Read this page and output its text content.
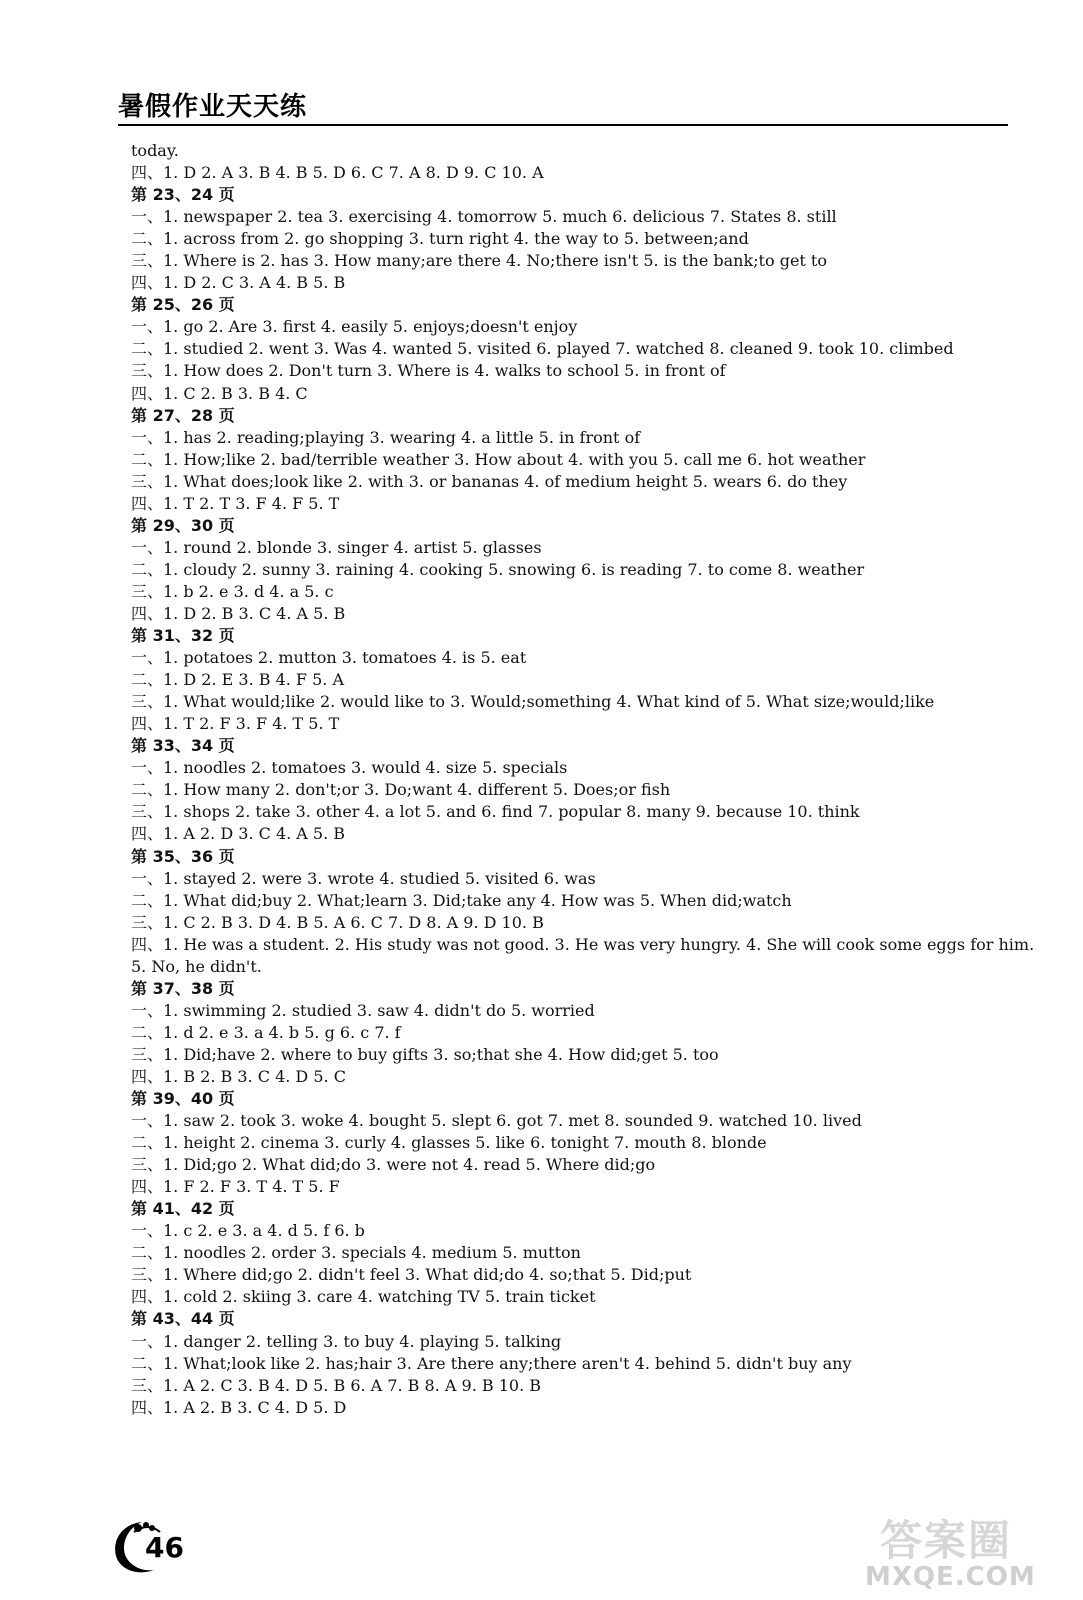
暑假作业天天练
today.
四、1. D 2. A 3. B 4. B 5. D 6. C 7. A 8. D 9. C 10. A
第 23、24 页
一、1. newspaper 2. tea 3. exercising 4. tomorrow 5. much 6. delicious 7. States 8. still
二、1. across from 2. go shopping 3. turn right 4. the way to 5. between;and
三、1. Where is 2. has 3. How many;are there 4. No;there isn't 5. is the bank;to get to
四、1. D 2. C 3. A 4. B 5. B
第 25、26 页
一、1. go 2. Are 3. first 4. easily 5. enjoys;doesn't enjoy
二、1. studied 2. went 3. Was 4. wanted 5. visited 6. played 7. watched 8. cleaned 9. took 10. climbed
三、1. How does 2. Don't turn 3. Where is 4. walks to school 5. in front of
四、1. C 2. B 3. B 4. C
第 27、28 页
一、1. has 2. reading;playing 3. wearing 4. a little 5. in front of
二、1. How;like 2. bad/terrible weather 3. How about 4. with you 5. call me 6. hot weather
三、1. What does;look like 2. with 3. or bananas 4. of medium height 5. wears 6. do they
四、1. T 2. T 3. F 4. F 5. T
第 29、30 页
一、1. round 2. blonde 3. singer 4. artist 5. glasses
二、1. cloudy 2. sunny 3. raining 4. cooking 5. snowing 6. is reading 7. to come 8. weather
三、1. b 2. e 3. d 4. a 5. c
四、1. D 2. B 3. C 4. A 5. B
第 31、32 页
一、1. potatoes 2. mutton 3. tomatoes 4. is 5. eat
二、1. D 2. E 3. B 4. F 5. A
三、1. What would;like 2. would like to 3. Would;something 4. What kind of 5. What size;would;like
四、1. T 2. F 3. F 4. T 5. T
第 33、34 页
一、1. noodles 2. tomatoes 3. would 4. size 5. specials
二、1. How many 2. don't;or 3. Do;want 4. different 5. Does;or fish
三、1. shops 2. take 3. other 4. a lot 5. and 6. find 7. popular 8. many 9. because 10. think
四、1. A 2. D 3. C 4. A 5. B
第 35、36 页
一、1. stayed 2. were 3. wrote 4. studied 5. visited 6. was
二、1. What did;buy 2. What;learn 3. Did;take any 4. How was 5. When did;watch
三、1. C 2. B 3. D 4. B 5. A 6. C 7. D 8. A 9. D 10. B
四、1. He was a student. 2. His study was not good. 3. He was very hungry. 4. She will cook some eggs for him.
5. No, he didn't.
第 37、38 页
一、1. swimming 2. studied 3. saw 4. didn't do 5. worried
二、1. d 2. e 3. a 4. b 5. g 6. c 7. f
三、1. Did;have 2. where to buy gifts 3. so;that she 4. How did;get 5. too
四、1. B 2. B 3. C 4. D 5. C
第 39、40 页
一、1. saw 2. took 3. woke 4. bought 5. slept 6. got 7. met 8. sounded 9. watched 10. lived
二、1. height 2. cinema 3. curly 4. glasses 5. like 6. tonight 7. mouth 8. blonde
三、1. Did;go 2. What did;do 3. were not 4. read 5. Where did;go
四、1. F 2. F 3. T 4. T 5. F
第 41、42 页
一、1. c 2. e 3. a 4. d 5. f 6. b
二、1. noodles 2. order 3. specials 4. medium 5. mutton
三、1. Where did;go 2. didn't feel 3. What did;do 4. so;that 5. Did;put
四、1. cold 2. skiing 3. care 4. watching TV 5. train ticket
第 43、44 页
一、1. danger 2. telling 3. to buy 4. playing 5. talking
二、1. What;look like 2. has;hair 3. Are there any;there aren't 4. behind 5. didn't buy any
三、1. A 2. C 3. B 4. D 5. B 6. A 7. B 8. A 9. B 10. B
四、1. A 2. B 3. C 4. D 5. D
46	答案圈
MXQE.COM
